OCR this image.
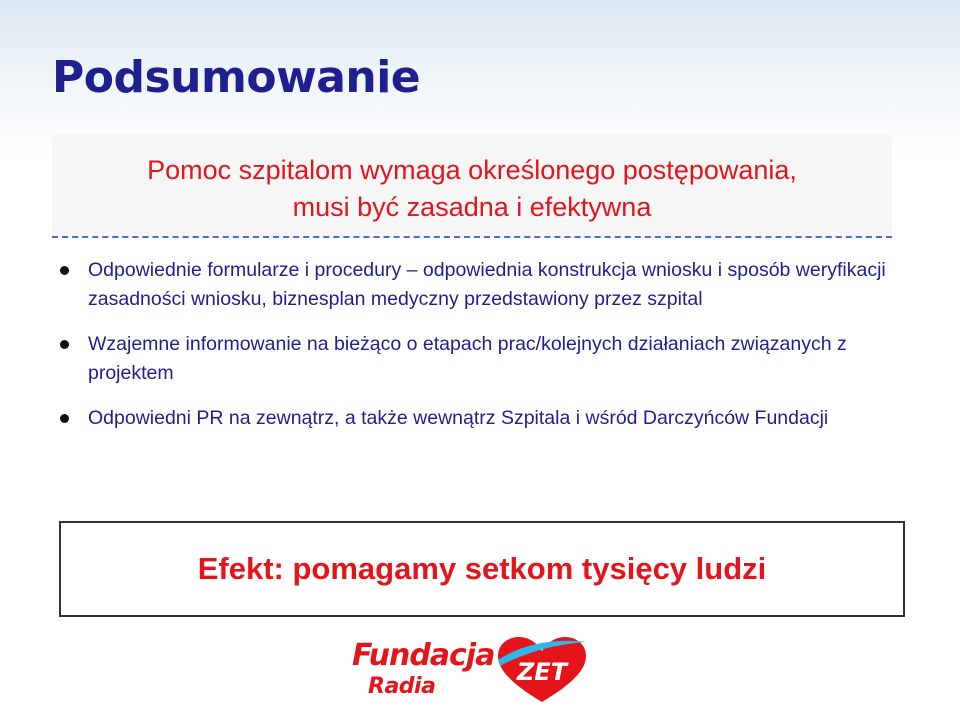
Podsumowanie
Pomoc szpitalom wymaga określonego postępowania,
musi być zasadna i efektywna
Odpowiednie formularze i procedury – odpowiednia konstrukcja wniosku i sposób weryfikacji zasadności wniosku, biznesplan medyczny przedstawiony przez szpital
Wzajemne informowanie na bieżąco o etapach prac/kolejnych działaniach związanych z projektem
Odpowiedni PR na zewnątrz, a także wewnątrz Szpitala i wśród Darczyńców Fundacji
Efekt: pomagamy setkom tysięcy ludzi
Fundacja
Radia
ZET
